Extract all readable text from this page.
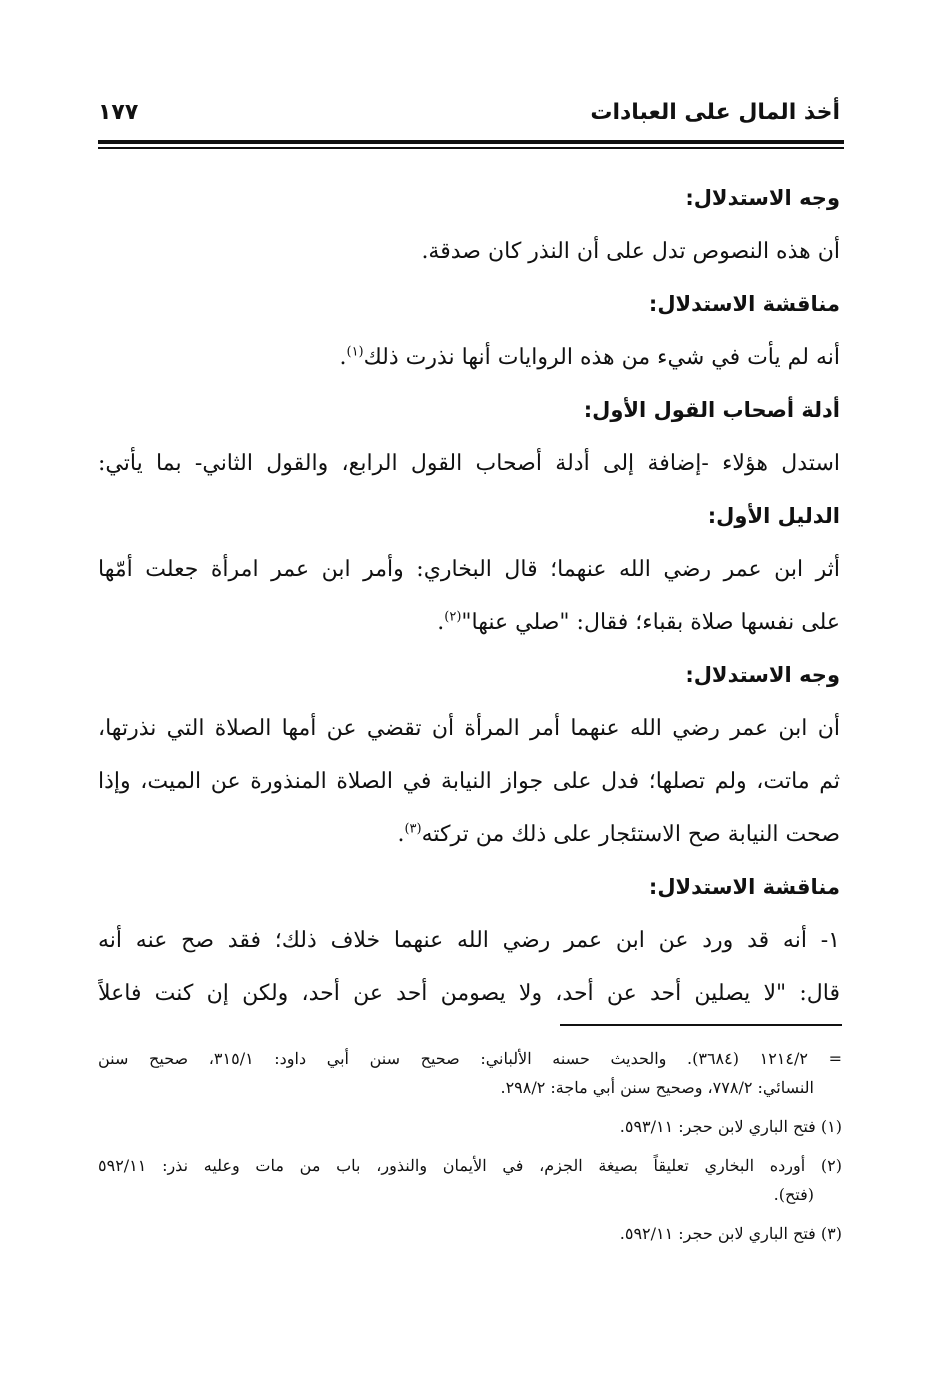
أخذ المال على العبادات
١٧٧
وجه الاستدلال:
أن هذه النصوص تدل على أن النذر كان صدقة.
مناقشة الاستدلال:
أنه لم يأت في شيء من هذه الروايات أنها نذرت ذلك$^{(١)}$.
أدلة أصحاب القول الأول:
استدل هؤلاء -إضافة إلى أدلة أصحاب القول الرابع، والقول الثاني- بما يأتي:
الدليل الأول:
أثر ابن عمر رضي الله عنهما؛ قال البخاري: وأمر ابن عمر امرأة جعلت أمّها
على نفسها صلاة بقباء؛ فقال: "صلي عنها"$^{(٢)}$.
وجه الاستدلال:
أن ابن عمر رضي الله عنهما أمر المرأة أن تقضي عن أمها الصلاة التي نذرتها،
ثم ماتت، ولم تصلها؛ فدل على جواز النيابة في الصلاة المنذورة عن الميت، وإذا
صحت النيابة صح الاستئجار على ذلك من تركته$^{(٣)}$.
مناقشة الاستدلال:
١- أنه قد ورد عن ابن عمر رضي الله عنهما خلاف ذلك؛ فقد صح عنه أنه
قال: "لا يصلين أحد عن أحد، ولا يصومن أحد عن أحد، ولكن إن كنت فاعلاً
= ١٢١٤/٢ (٣٦٨٤). والحديث حسنه الألباني: صحيح سنن أبي داود: ٣١٥/١، صحيح سنن
النسائي: ٧٧٨/٢، وصحيح سنن أبي ماجة: ٢٩٨/٢.
(١) فتح الباري لابن حجر: ٥٩٣/١١.
(٢) أورده البخاري تعليقاً بصيغة الجزم، في الأيمان والنذور، باب من مات وعليه نذر: ٥٩٢/١١
(فتح).
(٣) فتح الباري لابن حجر: ٥٩٢/١١.
